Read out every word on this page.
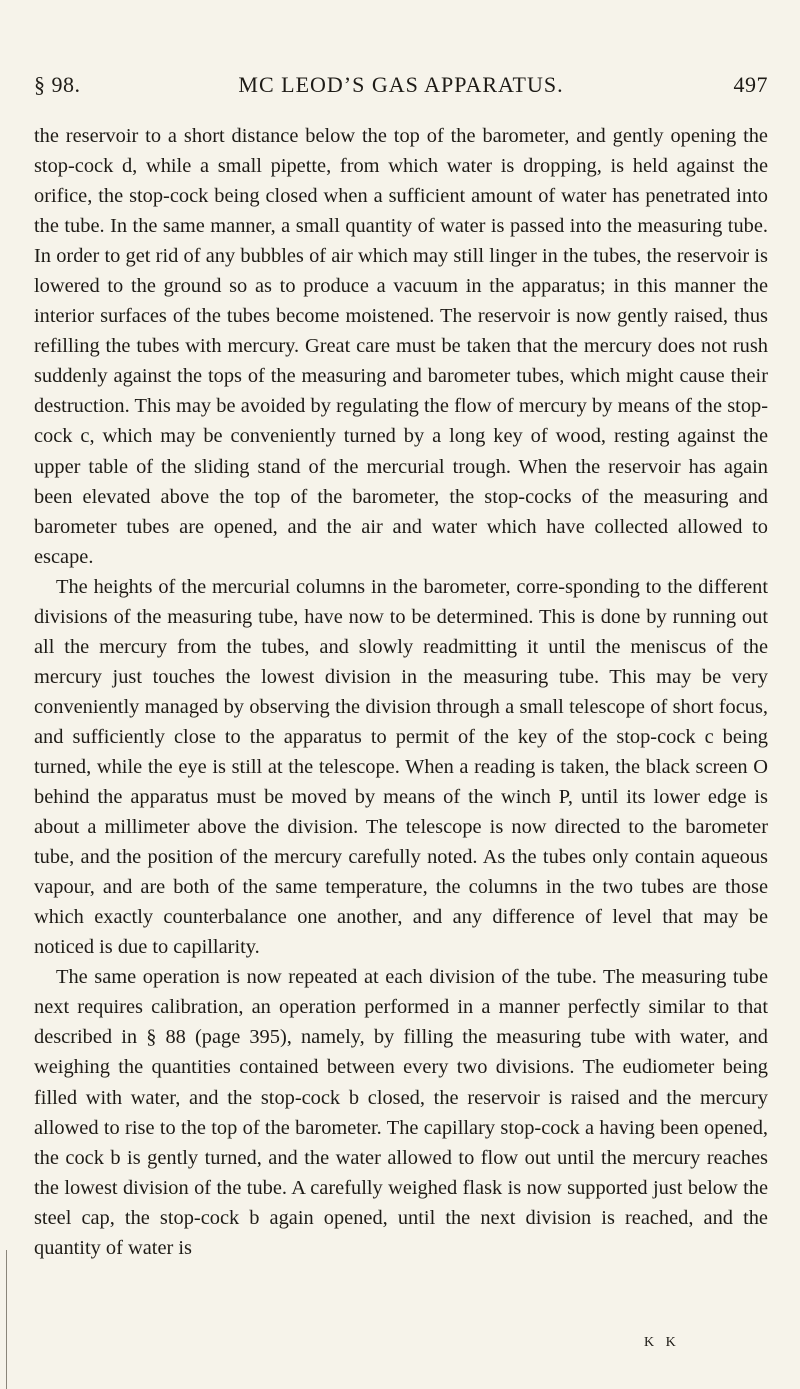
§ 98.	MC LEOD’S GAS APPARATUS.	497

the reservoir to a short distance below the top of the barometer, and gently opening the stop-cock d, while a small pipette, from which water is dropping, is held against the orifice, the stop-cock being closed when a sufficient amount of water has penetrated into the tube. In the same manner, a small quantity of water is passed into the measuring tube. In order to get rid of any bubbles of air which may still linger in the tubes, the reservoir is lowered to the ground so as to produce a vacuum in the apparatus; in this manner the interior surfaces of the tubes become moistened. The reservoir is now gently raised, thus refilling the tubes with mercury. Great care must be taken that the mercury does not rush suddenly against the tops of the measuring and barometer tubes, which might cause their destruction. This may be avoided by regulating the flow of mercury by means of the stop-cock c, which may be conveniently turned by a long key of wood, resting against the upper table of the sliding stand of the mercurial trough. When the reservoir has again been elevated above the top of the barometer, the stop-cocks of the measuring and barometer tubes are opened, and the air and water which have collected allowed to escape.

The heights of the mercurial columns in the barometer, corre-sponding to the different divisions of the measuring tube, have now to be determined. This is done by running out all the mercury from the tubes, and slowly readmitting it until the meniscus of the mercury just touches the lowest division in the measuring tube. This may be very conveniently managed by observing the division through a small telescope of short focus, and sufficiently close to the apparatus to permit of the key of the stop-cock c being turned, while the eye is still at the telescope. When a reading is taken, the black screen O behind the apparatus must be moved by means of the winch P, until its lower edge is about a millimeter above the division. The telescope is now directed to the barometer tube, and the position of the mercury carefully noted. As the tubes only contain aqueous vapour, and are both of the same temperature, the columns in the two tubes are those which exactly counterbalance one another, and any difference of level that may be noticed is due to capillarity.

The same operation is now repeated at each division of the tube. The measuring tube next requires calibration, an operation performed in a manner perfectly similar to that described in § 88 (page 395), namely, by filling the measuring tube with water, and weighing the quantities contained between every two divisions. The eudiometer being filled with water, and the stop-cock b closed, the reservoir is raised and the mercury allowed to rise to the top of the barometer. The capillary stop-cock a having been opened, the cock b is gently turned, and the water allowed to flow out until the mercury reaches the lowest division of the tube. A carefully weighed flask is now supported just below the steel cap, the stop-cock b again opened, until the next division is reached, and the quantity of water is

K K
